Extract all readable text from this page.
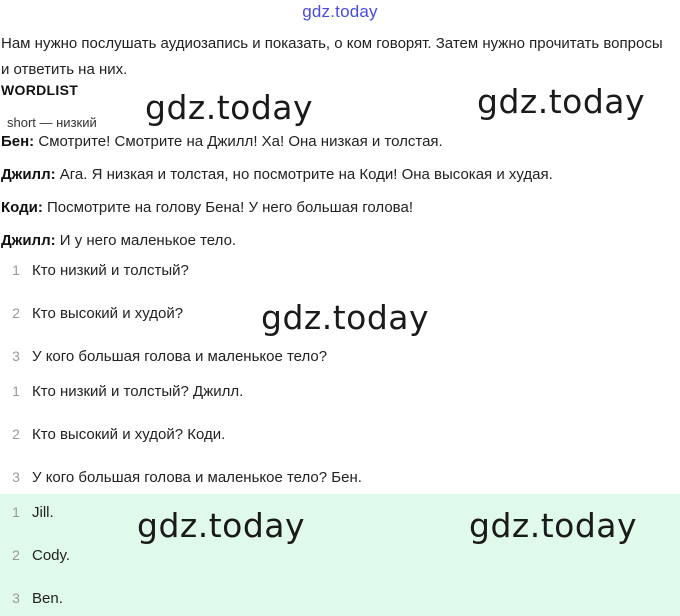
gdz.today
Нам нужно послушать аудиозапись и показать, о ком говорят. Затем нужно прочитать вопросы и ответить на них.
WORDLIST
short — низкий
Бен: Смотрите! Смотрите на Джилл! Ха! Она низкая и толстая.
Джилл: Ага. Я низкая и толстая, но посмотрите на Коди! Она высокая и худая.
Коди: Посмотрите на голову Бена! У него большая голова!
Джилл: И у него маленькое тело.
1 Кто низкий и толстый?
2 Кто высокий и худой?
3 У кого большая голова и маленькое тело?
1 Кто низкий и толстый? Джилл.
2 Кто высокий и худой? Коди.
3 У кого большая голова и маленькое тело? Бен.
1 Jill.
2 Cody.
3 Ben.
gdz.today	gdz.today
gdz.today
gdz.today	gdz.today
